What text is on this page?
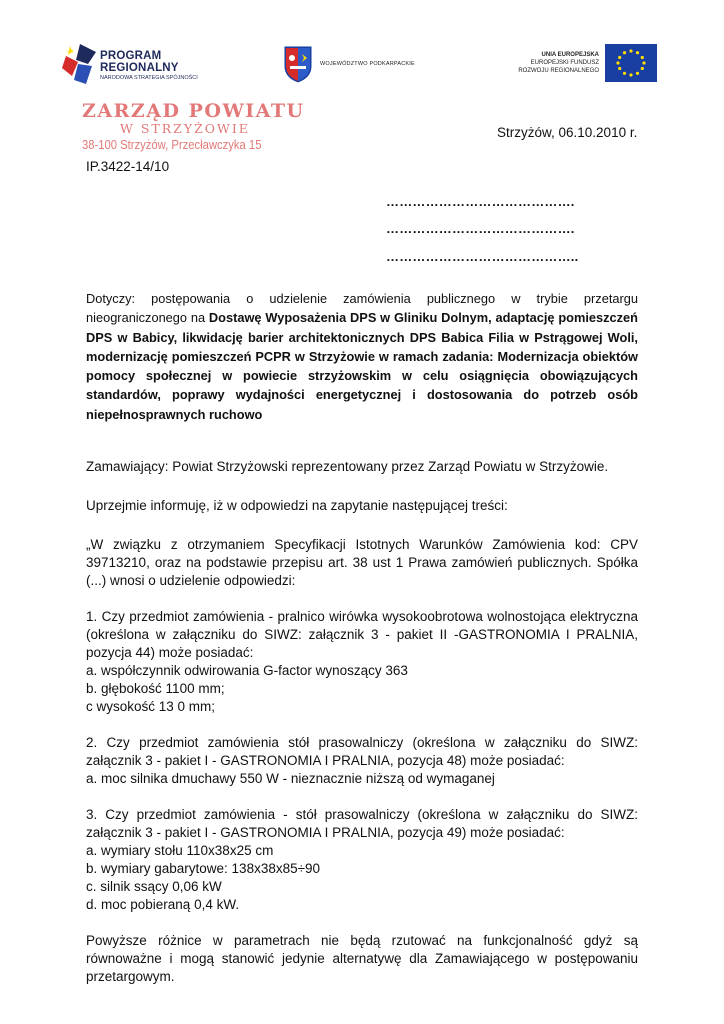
PROGRAM
REGIONALNY
NARODOWA STRATEGIA SPÓJNOŚCI
WOJEWÓDZTWO PODKARPACKIE
UNIA EUROPEJSKA
EUROPEJSKI FUNDUSZ
ROZWOJU REGIONALNEGO
ZARZĄD POWIATU
W STRZYŻOWIE
38-100 Strzyżów, Przecławczyka 15
Strzyżów, 06.10.2010 r.
IP.3422-14/10
…………………………………….
…………………………………….
……………………………………..

Dotyczy: postępowania o udzielenie zamówienia publicznego w trybie przetargu nieograniczonego na Dostawę Wyposażenia DPS w Gliniku Dolnym, adaptację pomieszczeń DPS w Babicy, likwidację barier architektonicznych DPS Babica Filia w Pstrągowej Woli, modernizację pomieszczeń PCPR w Strzyżowie w ramach zadania: Modernizacja obiektów pomocy społecznej w powiecie strzyżowskim w celu osiągnięcia obowiązujących standardów, poprawy wydajności energetycznej i dostosowania do potrzeb osób niepełnosprawnych ruchowo

Zamawiający: Powiat Strzyżowski reprezentowany przez Zarząd Powiatu w Strzyżowie.
Uprzejmie informuję, iż w odpowiedzi na zapytanie następującej treści:

„W związku z otrzymaniem Specyfikacji Istotnych Warunków Zamówienia kod: CPV 39713210, oraz na podstawie przepisu art. 38 ust 1 Prawa zamówień publicznych. Spółka (...) wnosi o udzielenie odpowiedzi:

1. Czy przedmiot zamówienia - pralnico wirówka wysokoobrotowa wolnostojąca elektryczna (określona w załączniku do SIWZ: załącznik 3 - pakiet II -GASTRONOMIA I PRALNIA, pozycja 44) może posiadać:

a. współczynnik odwirowania G-factor wynoszący 363
b. głębokość 1100 mm;
c wysokość 13 0 mm;

2. Czy przedmiot zamówienia stół prasowalniczy (określona w załączniku do SIWZ: załącznik 3 - pakiet I - GASTRONOMIA I PRALNIA, pozycja 48) może posiadać:

a. moc silnika dmuchawy 550 W - nieznacznie niższą od wymaganej

3. Czy przedmiot zamówienia - stół prasowalniczy (określona w załączniku do SIWZ: załącznik 3 - pakiet I - GASTRONOMIA I PRALNIA, pozycja 49) może posiadać:

a. wymiary stołu 110x38x25 cm
b. wymiary gabarytowe: 138x38x85÷90
c. silnik ssący 0,06 kW
d. moc pobieraną 0,4 kW.

Powyższe różnice w parametrach nie będą rzutować na funkcjonalność gdyż są równoważne i mogą stanowić jedynie alternatywę dla Zamawiającego w postępowaniu przetargowym.
